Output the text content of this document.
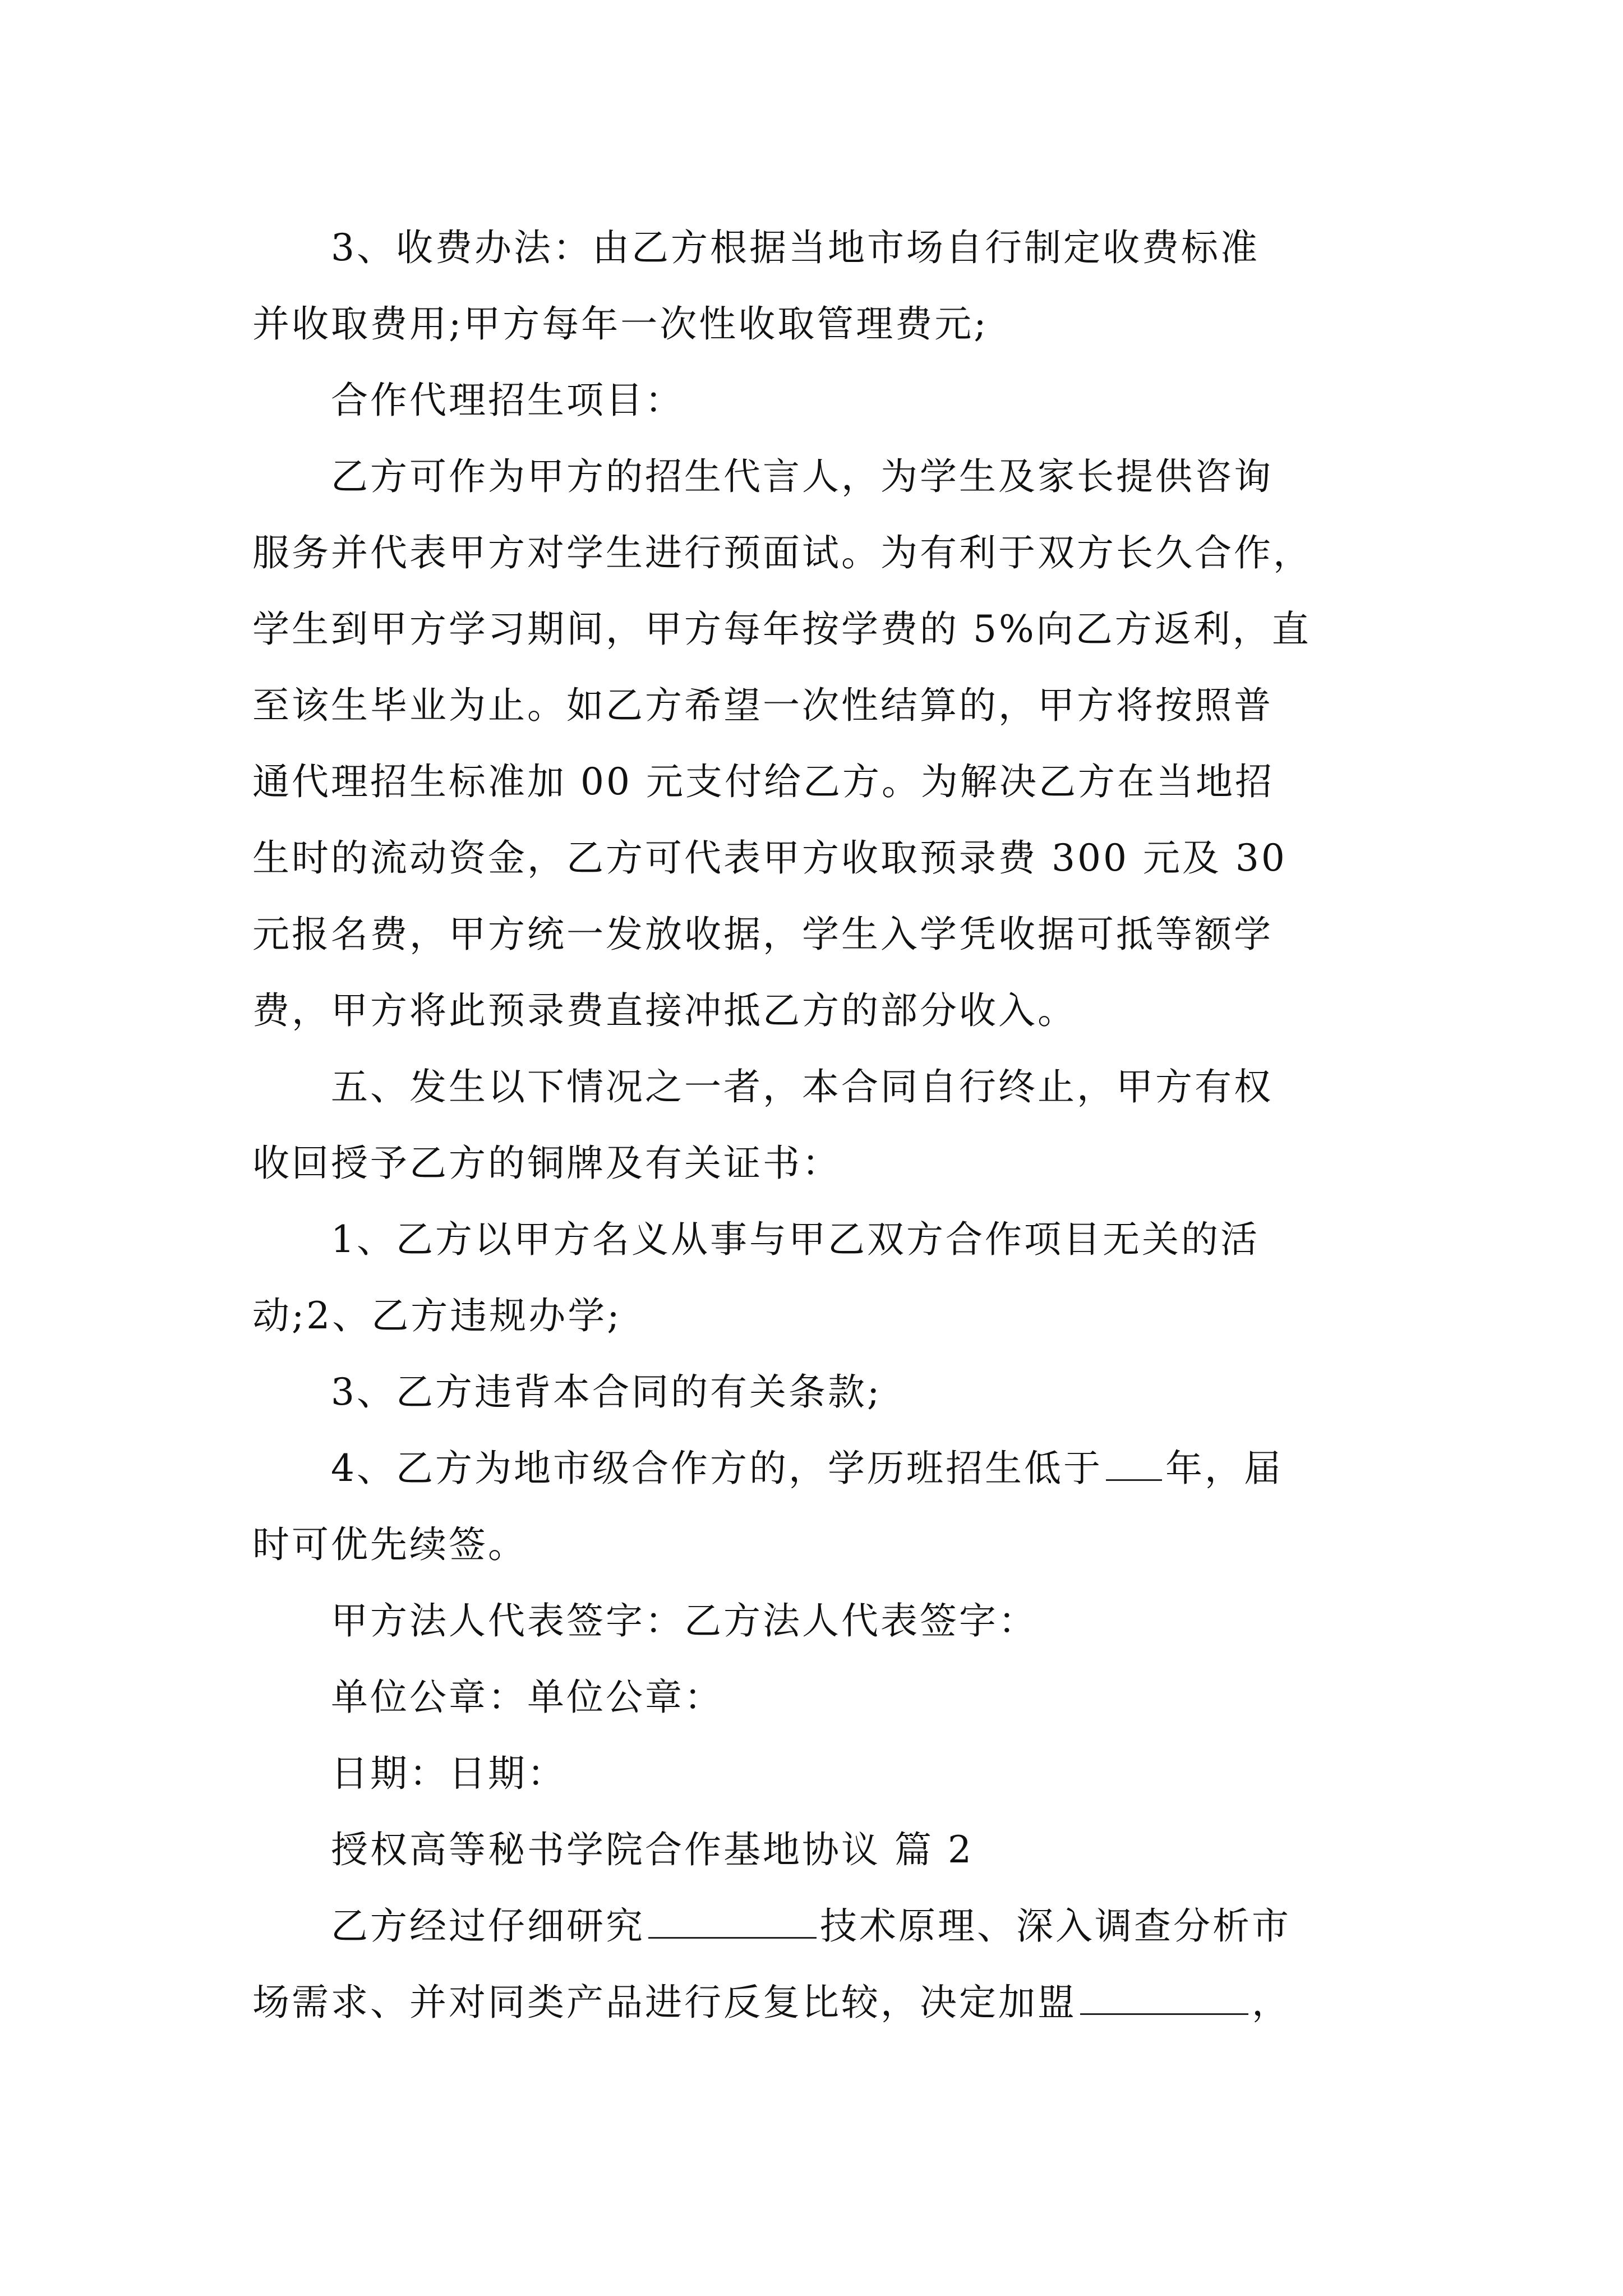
　　3、收费办法：由乙方根据当地市场自行制定收费标准
并收取费用;甲方每年一次性收取管理费元;
　　合作代理招生项目：
　　乙方可作为甲方的招生代言人，为学生及家长提供咨询
服务并代表甲方对学生进行预面试。为有利于双方长久合作，
学生到甲方学习期间，甲方每年按学费的 5%向乙方返利，直
至该生毕业为止。如乙方希望一次性结算的，甲方将按照普
通代理招生标准加 00 元支付给乙方。为解决乙方在当地招
生时的流动资金，乙方可代表甲方收取预录费 300 元及 30
元报名费，甲方统一发放收据，学生入学凭收据可抵等额学
费，甲方将此预录费直接冲抵乙方的部分收入。
　　五、发生以下情况之一者，本合同自行终止，甲方有权
收回授予乙方的铜牌及有关证书：
　　1、乙方以甲方名义从事与甲乙双方合作项目无关的活
动;2、乙方违规办学;
　　3、乙方违背本合同的有关条款;
　　4、乙方为地市级合作方的，学历班招生低于 年，届
时可优先续签。
　　甲方法人代表签字：乙方法人代表签字：
　　单位公章：单位公章：
　　日期：日期：
　　授权高等秘书学院合作基地协议 篇 2
　　乙方经过仔细研究	技术原理、深入调查分析市
场需求、并对同类产品进行反复比较，决定加盟	，
